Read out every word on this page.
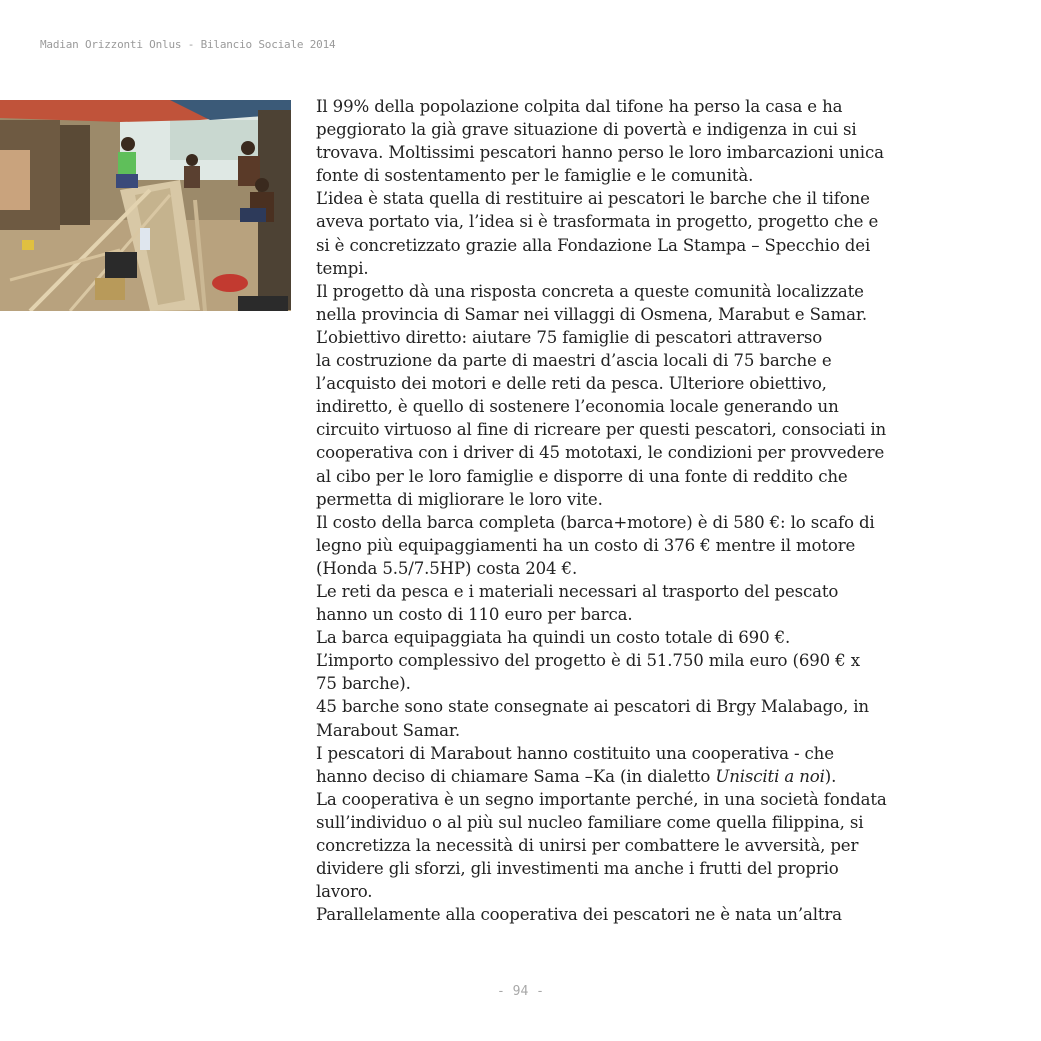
Madian Orizzonti Onlus - Bilancio Sociale 2014
Il 99% della popolazione colpita dal tifone ha perso la casa e ha
peggiorato la già grave situazione di povertà e indigenza in cui si
trovava. Moltissimi pescatori hanno perso le loro imbarcazioni unica
fonte di sostentamento per le famiglie e le comunità.
L’idea è stata quella di restituire ai pescatori le barche che il tifone
aveva portato via, l’idea si è trasformata in progetto, progetto che e
si è concretizzato grazie alla Fondazione La Stampa – Specchio dei
tempi.
Il progetto dà una risposta concreta a queste comunità localizzate
nella provincia di Samar nei villaggi di Osmena, Marabut e Samar.
L’obiettivo diretto: aiutare 75 famiglie di pescatori attraverso
la costruzione da parte di maestri d’ascia locali di 75 barche e
l’acquisto dei motori e delle reti da pesca. Ulteriore obiettivo,
indiretto, è quello di sostenere l’economia locale generando un
circuito virtuoso al fine di ricreare per questi pescatori, consociati in
cooperativa con i driver di 45 mototaxi, le condizioni per provvedere
al cibo per le loro famiglie e disporre di una fonte di reddito che
permetta di migliorare le loro vite.
Il costo della barca completa (barca+motore) è di 580 €: lo scafo di
legno più equipaggiamenti ha un costo di 376 € mentre il motore
(Honda 5.5/7.5HP) costa 204 €.
Le reti da pesca e i materiali necessari al trasporto del pescato
hanno un costo di 110 euro per barca.
La barca equipaggiata ha quindi un costo totale di 690 €.
L’importo complessivo del progetto è di 51.750 mila euro (690 € x
75 barche).
45 barche sono state consegnate ai pescatori di Brgy Malabago, in
Marabout Samar.
I pescatori di Marabout hanno costituito una cooperativa - che
hanno deciso di chiamare Sama –Ka (in dialetto Unisciti a noi).
La cooperativa è un segno importante perché, in una società fondata
sull’individuo o al più sul nucleo familiare come quella filippina, si
concretizza la necessità di unirsi per combattere le avversità, per
dividere gli sforzi, gli investimenti ma anche i frutti del proprio
lavoro.
Parallelamente alla cooperativa dei pescatori ne è nata un’altra
- 94 -
